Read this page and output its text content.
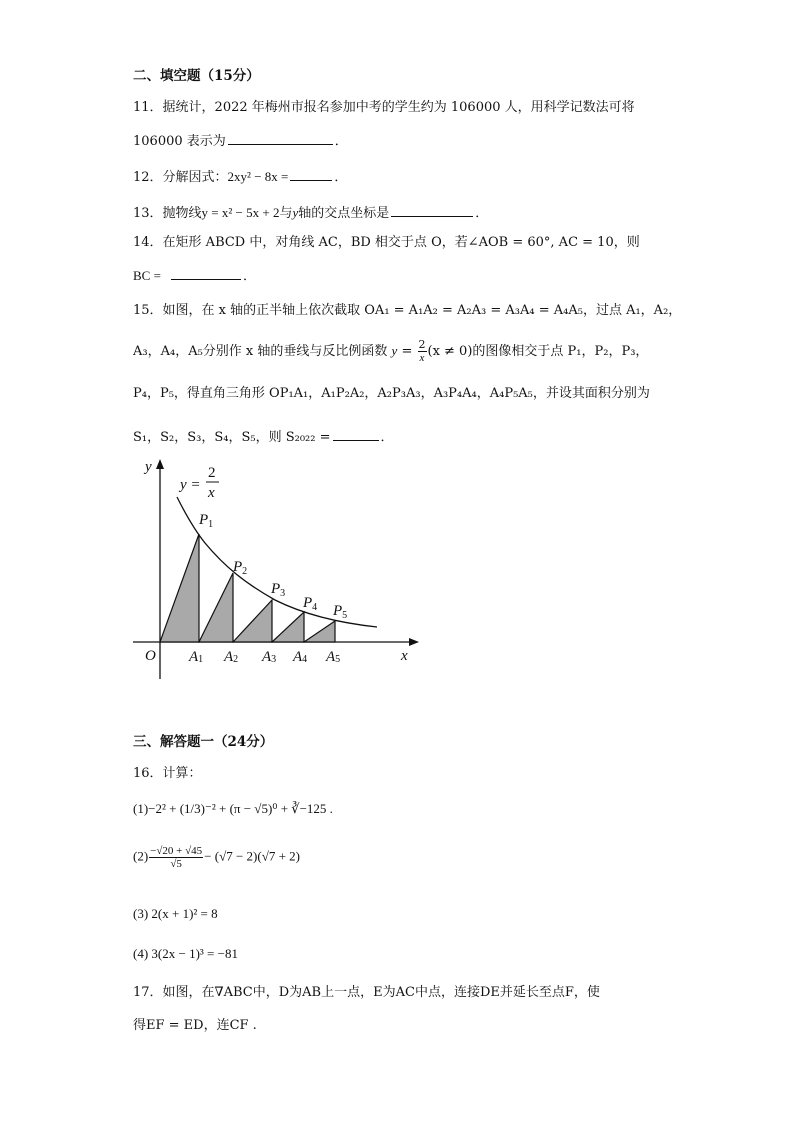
二、填空题（15分）
11．据统计，2022 年梅州市报名参加中考的学生约为 106000 人，用科学记数法可将
106000 表示为	．
12．分解因式：2xy² − 8x =	．
13．抛物线y = x² − 5x + 2与y轴的交点坐标是	．
14．在矩形 ABCD 中，对角线 AC，BD 相交于点 O，若∠AOB = 60°, AC = 10，则
BC =	．
15．如图，在 x 轴的正半轴上依次截取 OA₁ = A₁A₂ = A₂A₃ = A₃A₄ = A₄A₅，过点 A₁，A₂，
A₃，A₄，A₅分别作 x 轴的垂线与反比例函数 $y = \frac{2}{x} (x \ne 0)$的图像相交于点 P₁，P₂，P₃，
P₄，P₅，得直角三角形 OP₁A₁，A₁P₂A₂，A₂P₃A₃，A₃P₄A₄，A₄P₅A₅，并设其面积分别为
S₁，S₂，S₃，S₄，S₅，则 S₂₀₂₂ =	．
y
x
O
y =
2
x
$P_1$
$P_2$
$P_3$
$P_4$ $P_5$
A1 A2 A3 A4 A5
三、解答题一（24分）
16．计算：
(1)−2² + (1/3)⁻² + (π − √5)⁰ + ∛−125 .
$(2) \frac{-√20 + √45}{√5} - (√7 - 2)(√7 + 2)$
(3) 2(x + 1)² = 8
(4) 3(2x − 1)³ = −81
17．如图，在∇ABC中，D为AB上一点，E为AC中点，连接DE并延长至点F，使
得EF = ED，连CF .
